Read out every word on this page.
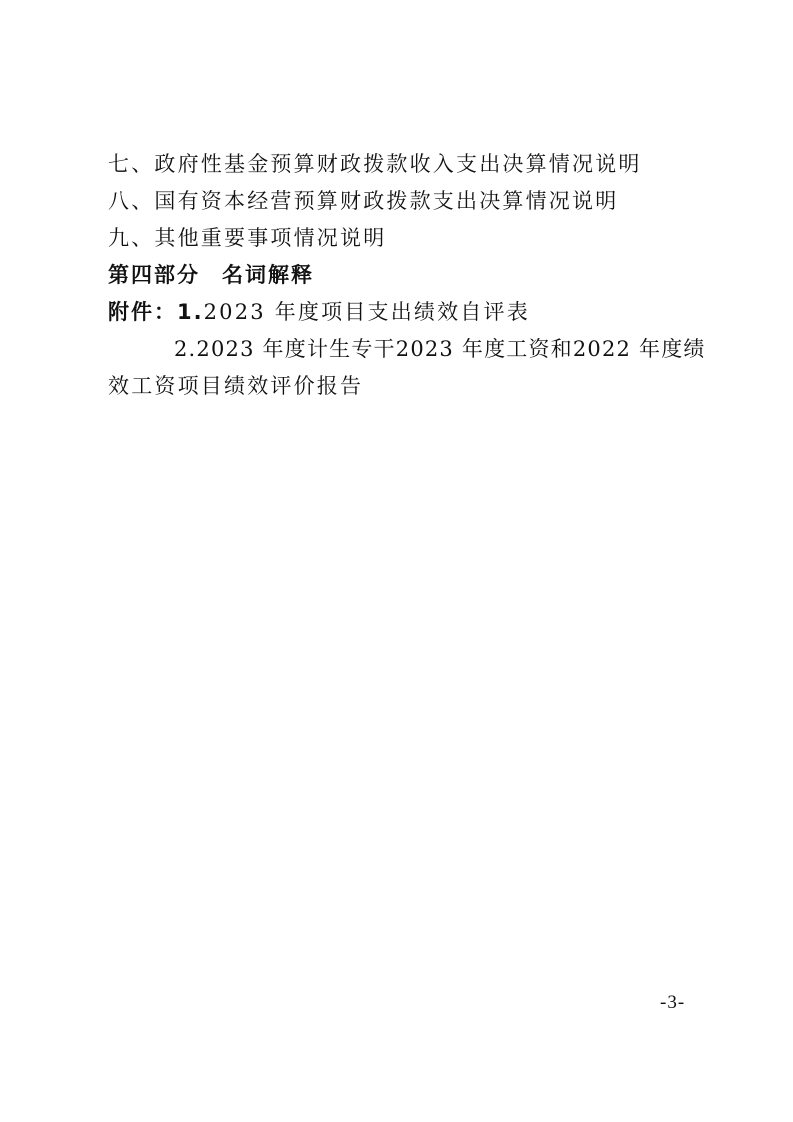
七、政府性基金预算财政拨款收入支出决算情况说明
八、国有资本经营预算财政拨款支出决算情况说明
九、其他重要事项情况说明
第四部分 名词解释
附件：1.2023 年度项目支出绩效自评表
2.2023 年度计生专干2023 年度工资和2022 年度绩
效工资项目绩效评价报告
-3-
